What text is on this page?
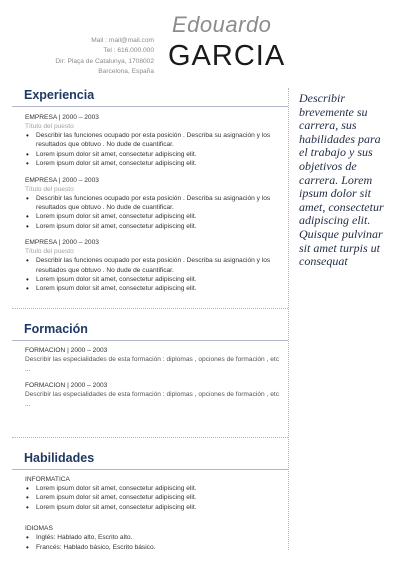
Mail : mail@mail.com
Tel : 616.000.000
Dir: Plaça de Catalunya, 1708002
Barcelona, España
Edouardo
GARCIA
Experiencia
EMPRESA | 2000 – 2003
Título del puesto
• Describir las funciones ocupado por esta posición . Describa su asignación y los resultados que obtuvo . No dude de cuantificar.
• Lorem ipsum dolor sit amet, consectetur adipiscing elit.
• Lorem ipsum dolor sit amet, consectetur adipiscing elit.
EMPRESA | 2000 – 2003
Título del puesto
• Describir las funciones ocupado por esta posición . Describa su asignación y los resultados que obtuvo . No dude de cuantificar.
• Lorem ipsum dolor sit amet, consectetur adipiscing elit.
• Lorem ipsum dolor sit amet, consectetur adipiscing elit.
EMPRESA | 2000 – 2003
Título del puesto
• Describir las funciones ocupado por esta posición . Describa su asignación y los resultados que obtuvo . No dude de cuantificar.
• Lorem ipsum dolor sit amet, consectetur adipiscing elit.
• Lorem ipsum dolor sit amet, consectetur adipiscing elit.
Formación
FORMACION | 2000 – 2003
Describir las especialidades de esta formación : diplomas , opciones de formación , etc ...
FORMACION | 2000 – 2003
Describir las especialidades de esta formación : diplomas , opciones de formación , etc ...
Habilidades
INFORMATICA
• Lorem ipsum dolor sit amet, consectetur adipiscing elit.
• Lorem ipsum dolor sit amet, consectetur adipiscing elit.
• Lorem ipsum dolor sit amet, consectetur adipiscing elit.
IDIOMAS
• Inglés: Hablado alto, Escrito alto.
• Francés: Hablado básico, Escrito básico.
Describir brevemente su carrera, sus habilidades para el trabajo y sus objetivos de carrera. Lorem ipsum dolor sit amet, consectetur adipiscing elit. Quisque pulvinar sit amet turpis ut consequat
